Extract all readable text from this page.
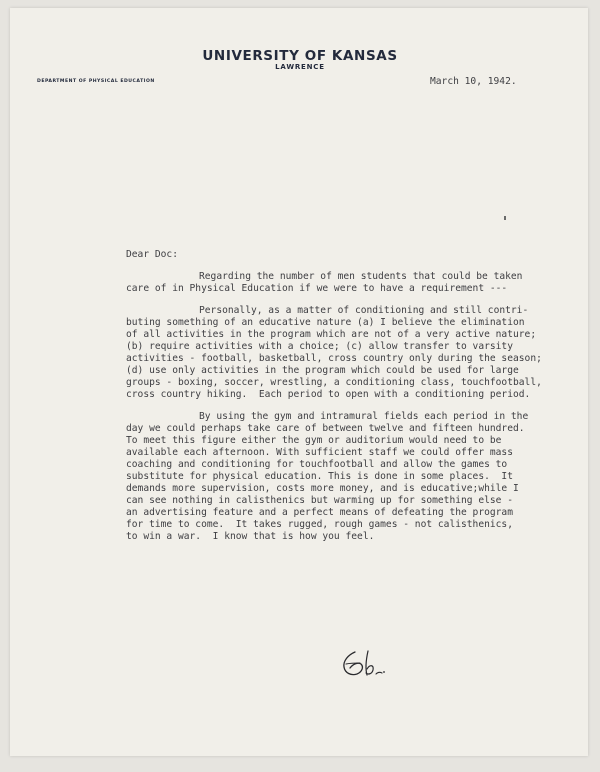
UNIVERSITY OF KANSAS
LAWRENCE
DEPARTMENT OF PHYSICAL EDUCATION	March 10, 1942.
Dear Doc:
Regarding the number of men students that could be taken
care of in Physical Education if we were to have a requirement ---
Personally, as a matter of conditioning and still contri-
buting something of an educative nature (a) I believe the elimination
of all activities in the program which are not of a very active nature;
(b) require activities with a choice; (c) allow transfer to varsity
activities - football, basketball, cross country only during the season;
(d) use only activities in the program which could be used for large
groups - boxing, soccer, wrestling, a conditioning class, touchfootball,
cross country hiking.  Each period to open with a conditioning period.
By using the gym and intramural fields each period in the
day we could perhaps take care of between twelve and fifteen hundred.
To meet this figure either the gym or auditorium would need to be
available each afternoon. With sufficient staff we could offer mass
coaching and conditioning for touchfootball and allow the games to
substitute for physical education. This is done in some places.  It
demands more supervision, costs more money, and is educative;while I
can see nothing in calisthenics but warming up for something else -
an advertising feature and a perfect means of defeating the program
for time to come.  It takes rugged, rough games - not calisthenics,
to win a war.  I know that is how you feel.
